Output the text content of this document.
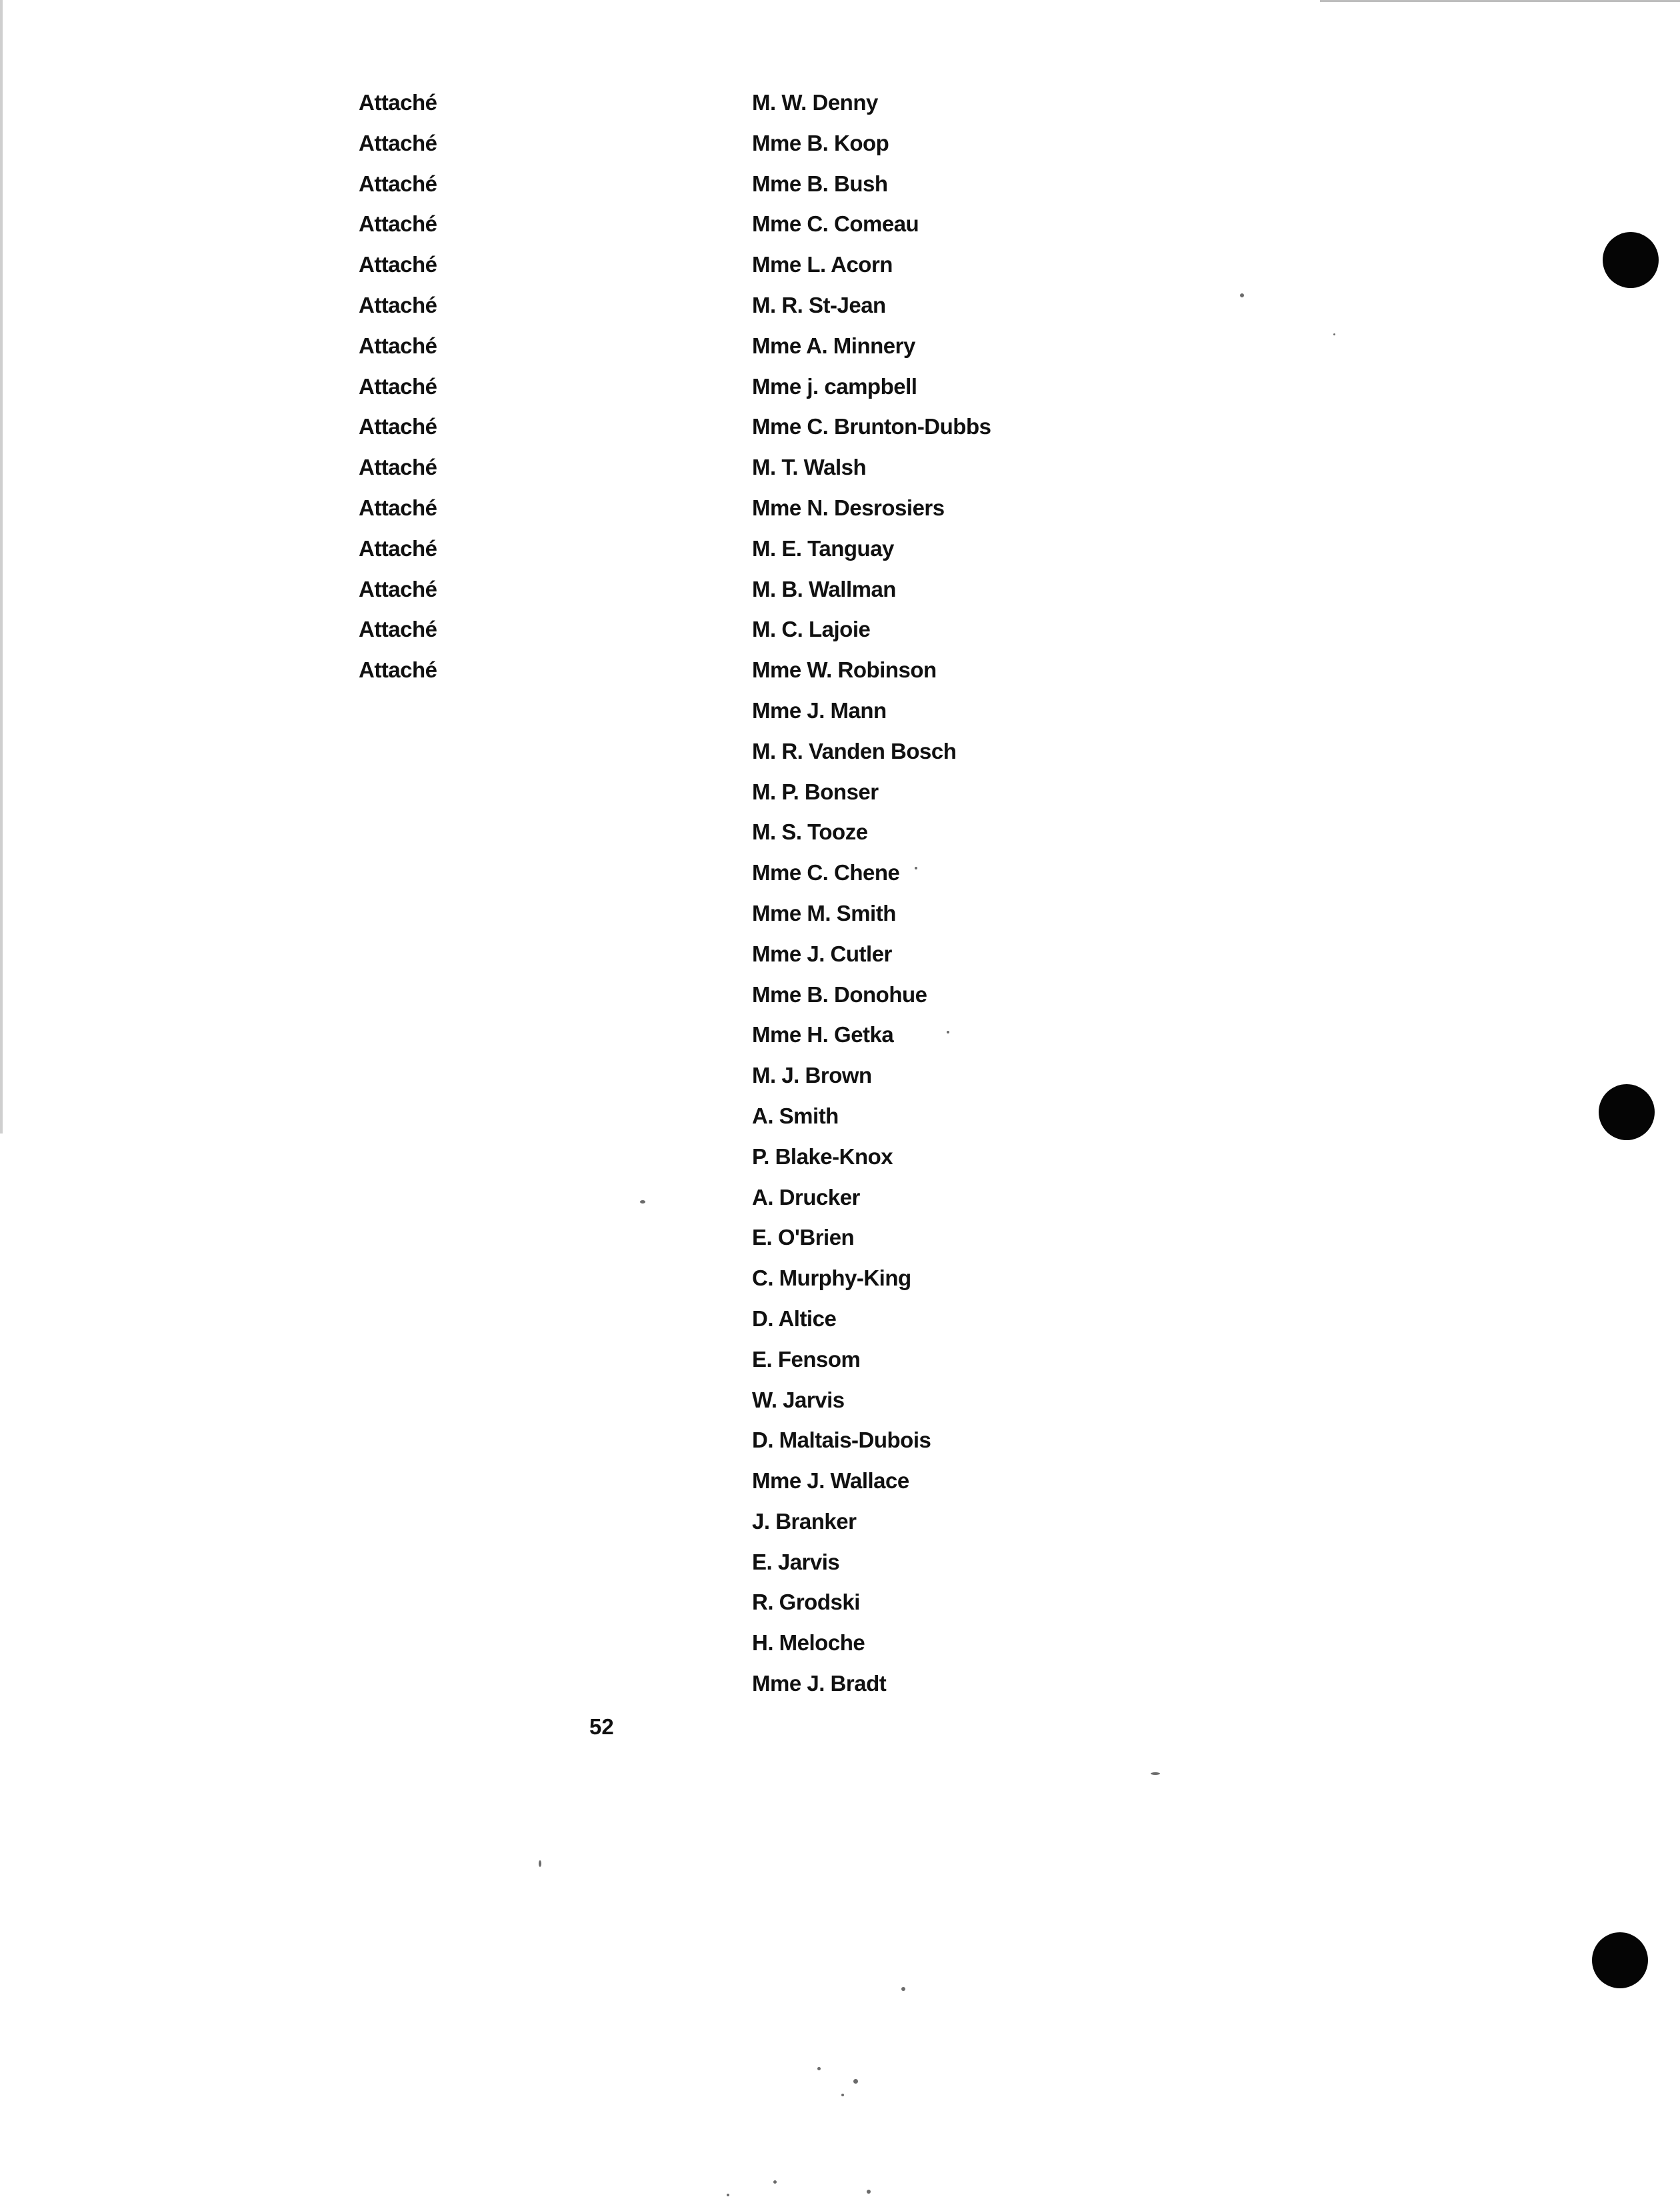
Attaché
Attaché
Attaché
Attaché
Attaché
Attaché
Attaché
Attaché
Attaché
Attaché
Attaché
Attaché
Attaché
Attaché
Attaché
M. W. Denny
Mme B. Koop
Mme B. Bush
Mme C. Comeau
Mme L. Acorn
M. R. St-Jean
Mme A. Minnery
Mme j. campbell
Mme C. Brunton-Dubbs
M. T. Walsh
Mme N. Desrosiers
M. E. Tanguay
M. B. Wallman
M. C. Lajoie
Mme W. Robinson
Mme J. Mann
M. R. Vanden Bosch
M. P. Bonser
M. S. Tooze
Mme C. Chene
Mme M. Smith
Mme J. Cutler
Mme B. Donohue
Mme H. Getka
M. J. Brown
A. Smith
P. Blake-Knox
A. Drucker
E. O'Brien
C. Murphy-King
D. Altice
E. Fensom
W. Jarvis
D. Maltais-Dubois
Mme J. Wallace
J. Branker
E. Jarvis
R. Grodski
H. Meloche
Mme J. Bradt
52
